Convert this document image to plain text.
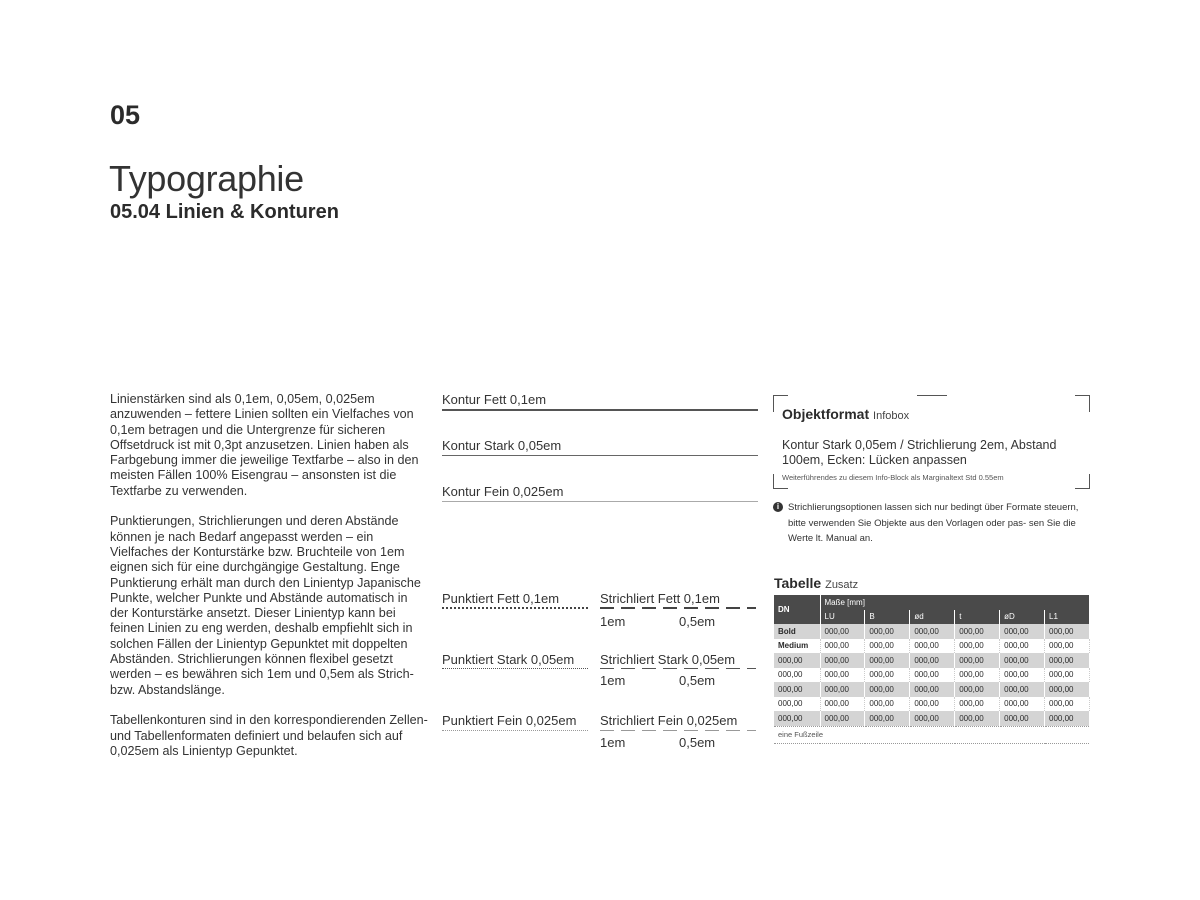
05
Typographie
05.04 Linien & Konturen

Linienstärken sind als 0,1em, 0,05em, 0,025em anzuwenden – fettere Linien sollten ein Vielfaches von 0,1em betragen und die Untergrenze für sicheren Offsetdruck ist mit 0,3pt anzusetzen. Linien haben als Farbgebung immer die jeweilige Textfarbe – also in den meisten Fällen 100% Eisengrau – ansonsten ist die Textfarbe zu verwenden.

Punktierungen, Strichlierungen und deren Abstände können je nach Bedarf angepasst werden – ein Vielfaches der Konturstärke bzw. Bruchteile von 1em eignen sich für eine durchgängige Gestaltung. Enge Punktierung erhält man durch den Linientyp Japanische Punkte, welcher Punkte und Abstände automatisch in der Konturstärke ansetzt. Dieser Linientyp kann bei feinen Linien zu eng werden, deshalb empfiehlt sich in solchen Fällen der Linientyp Gepunktet mit doppelten Abständen. Strichlierungen können flexibel gesetzt werden – es bewähren sich 1em und 0,5em als Strich- bzw. Abstandslänge.

Tabellenkonturen sind in den korrespondierenden Zellen- und Tabellenformaten definiert und belaufen sich auf 0,025em als Linientyp Gepunktet.

Kontur Fett 0,1em
Kontur Stark 0,05em
Kontur Fein 0,025em
Punktiert Fett 0,1em	Strichliert Fett 0,1em
1em	0,5em
Punktiert Stark 0,05em Strichliert Stark 0,05em
1em	0,5em
Punktiert Fein 0,025em Strichliert Fein 0,025em
1em	0,5em
Objektformat Infobox
Kontur Stark 0,05em / Strichlierung 2em, Abstand 100em, Ecken: Lücken anpassen
Weiterführendes zu diesem Info-Block als Marginaltext Std 0.55em
i Strichlierungsoptionen lassen sich nur bedingt über Formate steuern, bitte verwenden Sie Objekte aus den Vorlagen oder pas- sen Sie die Werte lt. Manual an.
Tabelle Zusatz
DN	Maße [mm]					
	LU	B	ød	t	øD	L1
Bold	000,00	000,00	000,00	000,00	000,00	000,00
Medium	000,00	000,00	000,00	000,00	000,00	000,00
000,00	000,00	000,00	000,00	000,00	000,00	000,00
000,00	000,00	000,00	000,00	000,00	000,00	000,00
000,00	000,00	000,00	000,00	000,00	000,00	000,00
000,00	000,00	000,00	000,00	000,00	000,00	000,00
000,00	000,00	000,00	000,00	000,00	000,00	000,00
eine Fußzeile						
